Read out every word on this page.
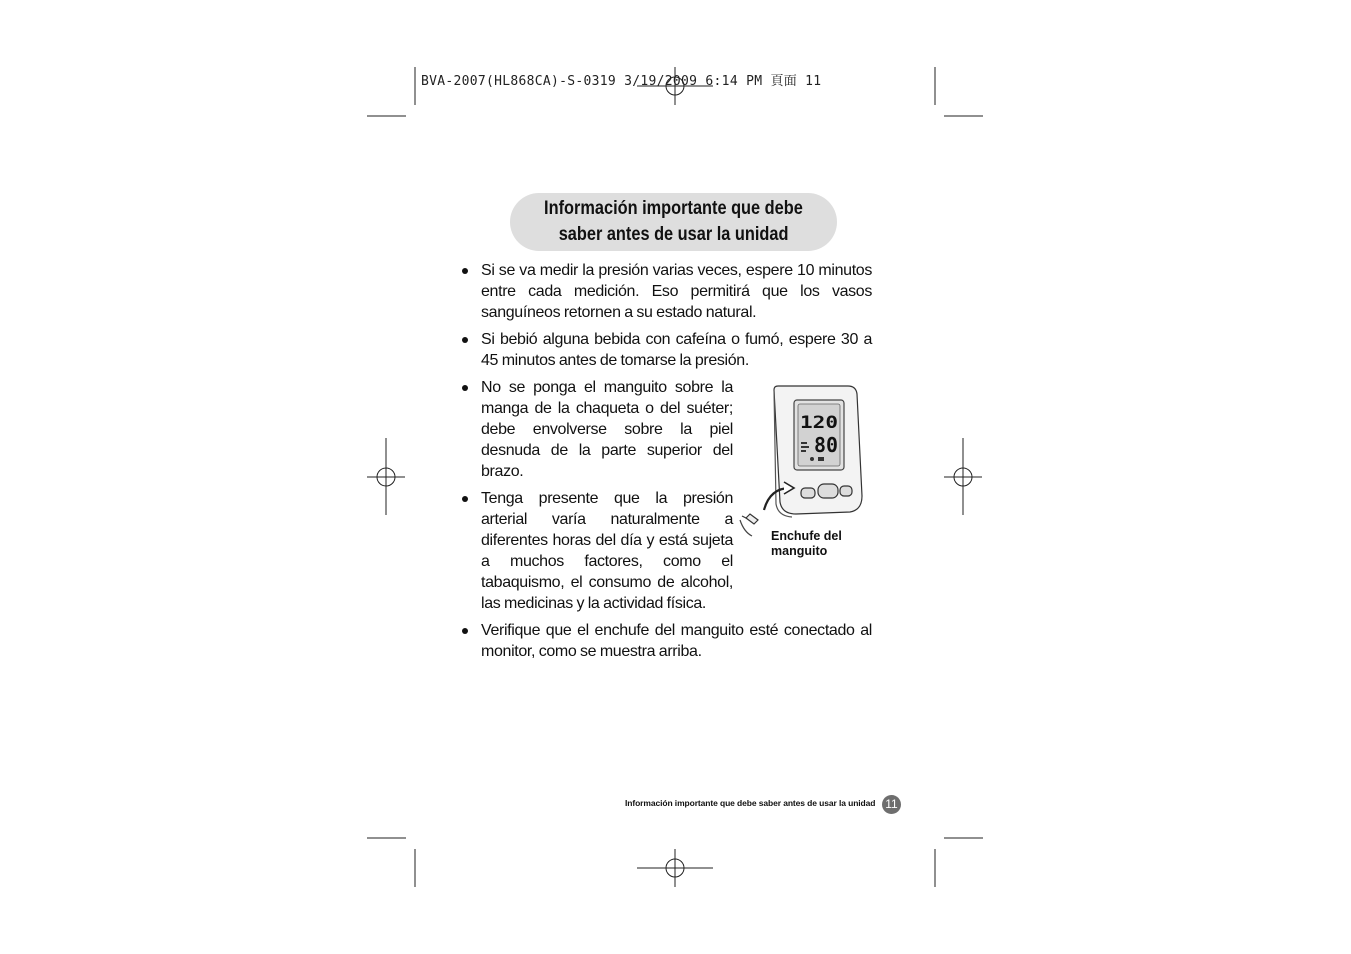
BVA-2007(HL868CA)-S-0319 3/19/2009 6:14 PM 頁面 11
Información importante que debe
saber antes de usar la unidad
Si se va medir la presión varias veces, espere 10 minutos entre cada medición. Eso permitirá que los vasos sanguíneos retornen a su estado natural.
Si bebió alguna bebida con cafeína o fumó, espere 30 a 45 minutos antes de tomarse la presión.
No se ponga el manguito sobre la manga de la chaqueta o del suéter; debe envolverse sobre la piel desnuda de la parte superior del brazo.
Tenga presente que la presión arterial varía naturalmente a diferentes horas del día y está sujeta a muchos factores, como el tabaquismo, el consumo de alcohol, las medicinas y la actividad física.
Verifique que el enchufe del manguito esté conectado al monitor, como se muestra arriba.
120
80
Enchufe del
manguito
Información importante que debe saber antes de usar la unidad 11
